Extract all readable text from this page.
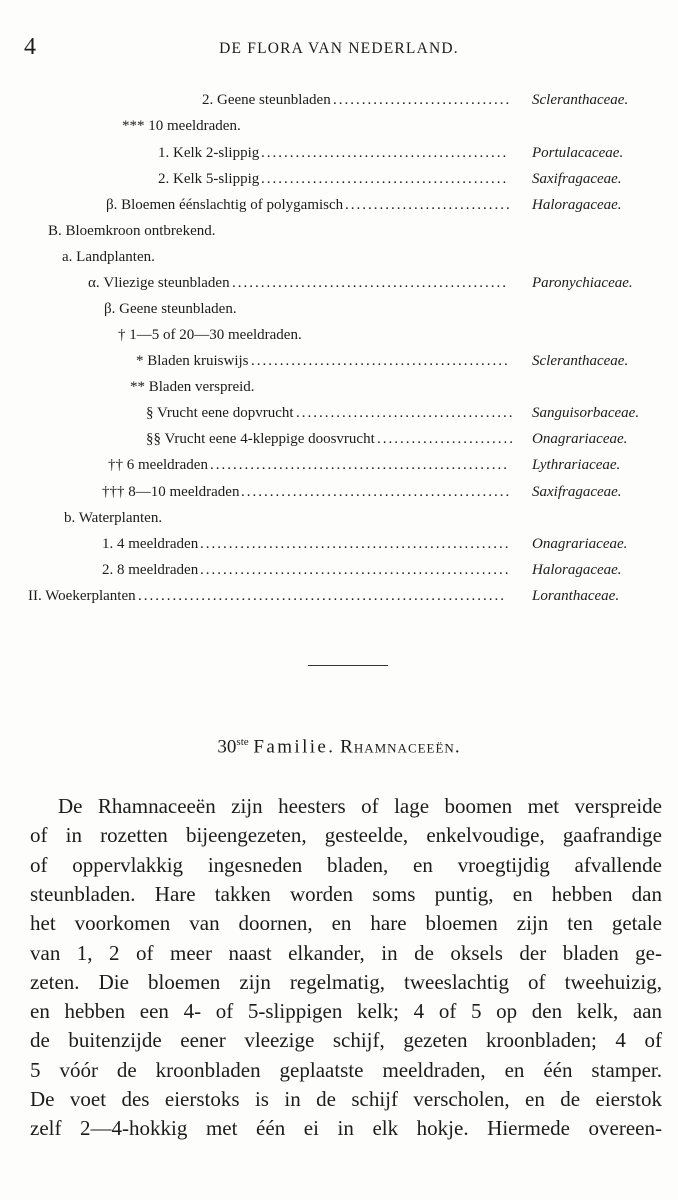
4	DE FLORA VAN NEDERLAND.
2. Geene steunbladen ............................... Scleranthaceae.
*** 10 meeldraden.
1. Kelk 2-slippig ........................................... Portulacaceae.
2. Kelk 5-slippig ........................................... Saxifragaceae.
β. Bloemen éénslachtig of polygamisch ............................. Haloragaceae.
B. Bloemkroon ontbrekend.
a. Landplanten.
α. Vliezige steunbladen ................................................ Paronychiaceae.
β. Geene steunbladen.
† 1—5 of 20—30 meeldraden.
* Bladen kruiswijs ............................................. Scleranthaceae.
** Bladen verspreid.
§ Vrucht eene dopvrucht ...................................... Sanguisorbaceae.
§§ Vrucht eene 4-kleppige doosvrucht ........................ Onagrariaceae.
†† 6 meeldraden .................................................... Lythrariaceae.
††† 8—10 meeldraden ............................................... Saxifragaceae.
b. Waterplanten.
1. 4 meeldraden ...................................................... Onagrariaceae.
2. 8 meeldraden ...................................................... Haloragaceae.
II. Woekerplanten ................................................................ Loranthaceae.
30ste Familie. Rhamnaceeën.
De Rhamnaceeën zijn heesters of lage boomen met verspreide
of in rozetten bijeengezeten, gesteelde, enkelvoudige, gaafrandige
of oppervlakkig ingesneden bladen, en vroegtijdig afvallende
steunbladen. Hare takken worden soms puntig, en hebben dan
het voorkomen van doornen, en hare bloemen zijn ten getale
van 1, 2 of meer naast elkander, in de oksels der bladen ge-
zeten. Die bloemen zijn regelmatig, tweeslachtig of tweehuizig,
en hebben een 4- of 5-slippigen kelk; 4 of 5 op den kelk, aan
de buitenzijde eener vleezige schijf, gezeten kroonbladen; 4 of
5 vóór de kroonbladen geplaatste meeldraden, en één stamper.
De voet des eierstoks is in de schijf verscholen, en de eierstok
zelf 2—4-hokkig met één ei in elk hokje. Hiermede overeen-
